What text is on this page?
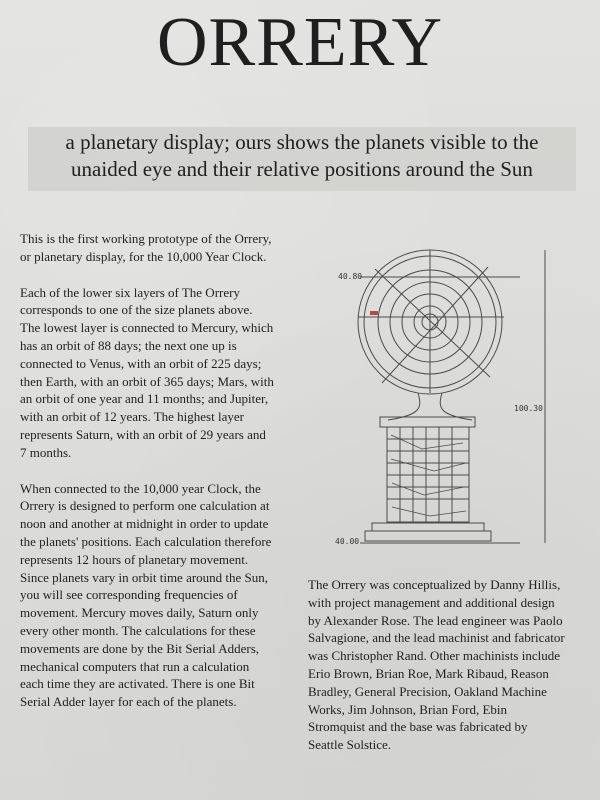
ORRERY
a planetary display; ours shows the planets visible to the unaided eye and their relative positions around the Sun

This is the first working prototype of the Orrery, or planetary display, for the 10,000 Year Clock.

Each of the lower six layers of The Orrery corresponds to one of the size planets above. The lowest layer is connected to Mercury, which has an orbit of 88 days; the next one up is connected to Venus, with an orbit of 225 days; then Earth, with an orbit of 365 days; Mars, with an orbit of one year and 11 months; and Jupiter, with an orbit of 12 years. The highest layer represents Saturn, with an orbit of 29 years and 7 months.

When connected to the 10,000 year Clock, the Orrery is designed to perform one calculation at noon and another at midnight in order to update the planets' positions. Each calculation therefore represents 12 hours of planetary movement. Since planets vary in orbit time around the Sun, you will see corresponding frequencies of movement. Mercury moves daily, Saturn only every other month. The calculations for these movements are done by the Bit Serial Adders, mechanical computers that run a calculation each time they are activated. There is one Bit Serial Adder layer for each of the planets.

40.80
100.30
40.00
The Orrery was conceptualized by Danny Hillis, with project management and additional design by Alexander Rose. The lead engineer was Paolo Salvagione, and the lead machinist and fabricator was Christopher Rand. Other machinists include Erio Brown, Brian Roe, Mark Ribaud, Reason Bradley, General Precision, Oakland Machine Works, Jim Johnson, Brian Ford, Ebin Stromquist and the base was fabricated by Seattle Solstice.
